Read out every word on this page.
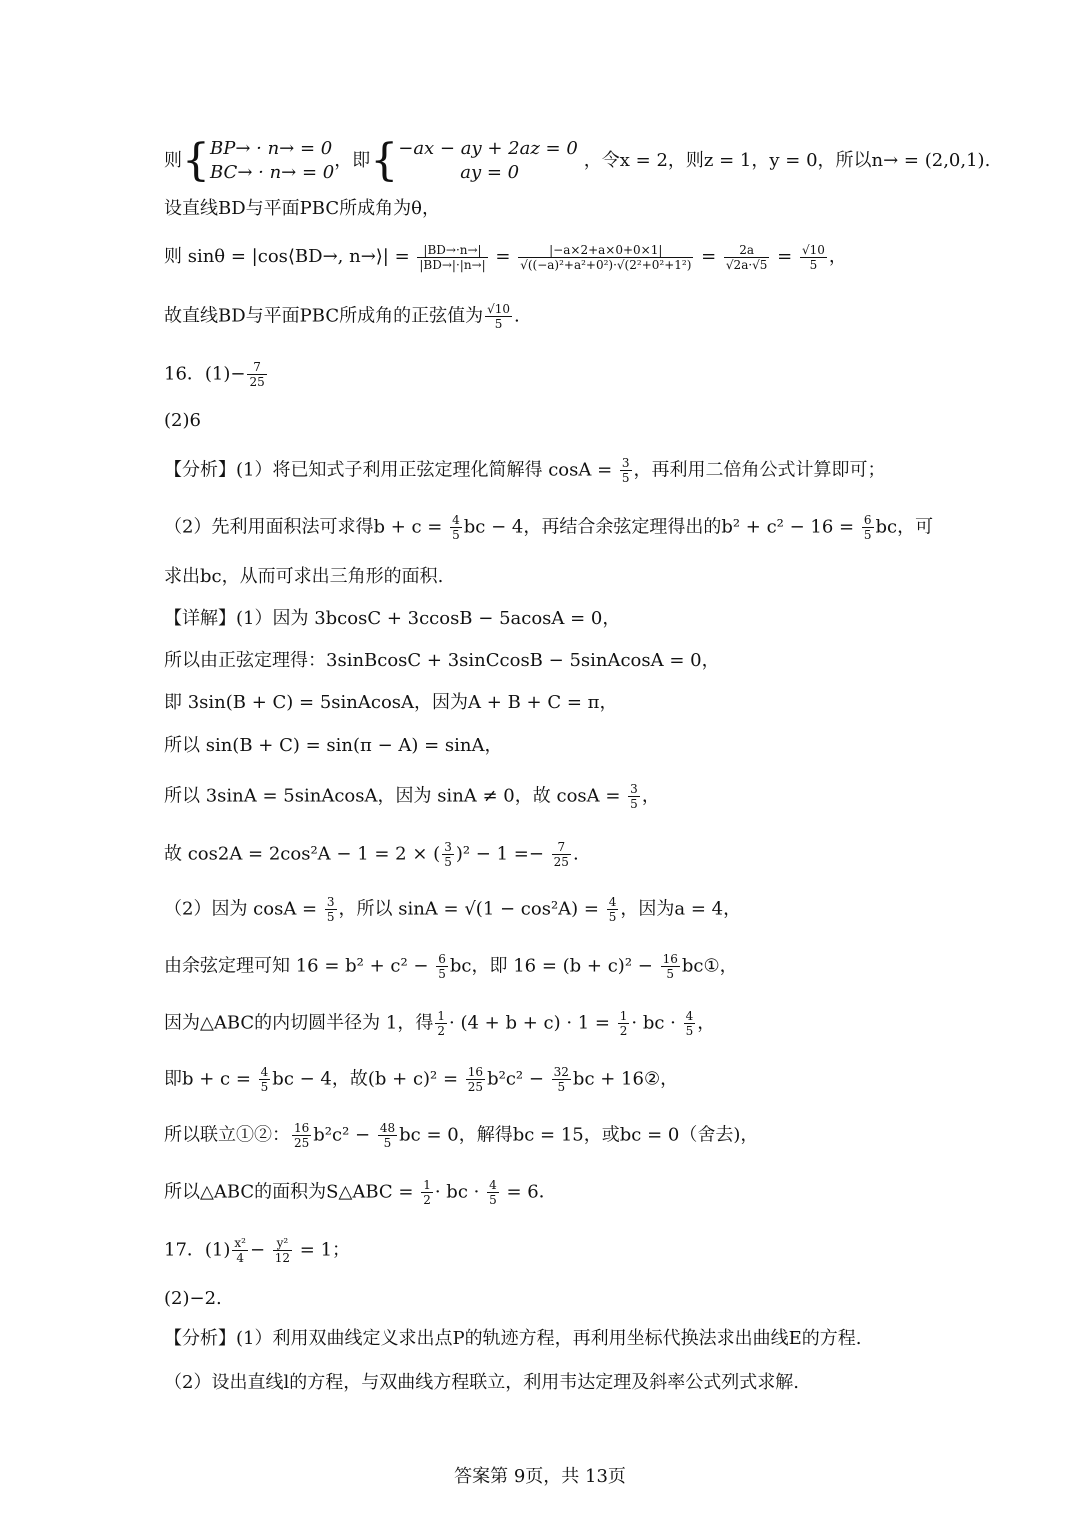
则{ BP→ · n→ = 0
BC→ · n→ = 0
，即{ −ax − ay + 2az = 0
ay = 0
，令x = 2，则z = 1，y = 0，所以n→ = (2,0,1).
设直线BD与平面PBC所成角为θ，
则 sinθ = |cos⟨BD→, n→⟩| = $\frac{|BD\to\cdot n\to|}{|BD\to|\cdot|n\to|} = \frac{|-a\times 2+a\times 0+0\times 1|}{\text{√((−a)²+a²+0²)·√(2²+0²+1²)}} = \frac{2a}{√2a\cdot√5} = \frac{√10}{5}$ ，
故直线BD与平面PBC所成角的正弦值为 $\frac{√10}{5}$ .
16．$(1)- \frac{7}{25}$
(2)6
【分析】(1）将已知式子利用正弦定理化简解得 $\cos A = \frac{3}{5}$ ，再利用二倍角公式计算即可；
（2）先利用面积法可求得$b + c = \frac{4}{5}$ bc − 4，再结合余弦定理得出的$b^2 + c^2 - 16 = \frac{6}{5}$ bc，可
求出bc，从而可求出三角形的面积.
【详解】(1）因为 3bcosC + 3ccosB − 5acosA = 0，
所以由正弦定理得：3sinBcosC + 3sinCcosB − 5sinAcosA = 0，
即 3sin(B + C) = 5sinAcosA，因为A + B + C = π，
所以 sin(B + C) = sin(π − A) = sinA，
所以 3sinA = 5sinAcosA，因为 sinA ≠ 0，故 $\cos A = \frac{3}{5}$ ，
故 cos2A = 2cos²A − 1 = 2 × ( $\frac{3}{5} )^2 - 1 =- \frac{7}{25}$ .
（2）因为 $\cos A = \frac{3}{5}$ ，所以 $\sin A = √(1 - \cos^2A) = \frac{4}{5}$ ，因为a = 4，
由余弦定理可知 $16 = b^2 + c^2 - \frac{6}{5}$ bc，即 $16 = (b + c)^2 - \frac{16}{5}$ bc①，
因为△ABC的内切圆半径为 1，得 $\frac{1}{2} \cdot (4 + b + c) \cdot 1 = \frac{1}{2}$ · bc · $\frac{4}{5}$ ，
即$b + c = \frac{4}{5}$ bc − 4，故$(b + c)^2 = \frac{16}{25} b^2c^2 - \frac{32}{5}$ bc + 16②，
所以联立①②： $\frac{16}{25} b^2c^2 - \frac{48}{5}$ bc = 0，解得bc = 15，或bc = 0（舍去)，
所以△ABC的面积为S△ABC = $\frac{1}{2}$ · bc · $\frac{4}{5} = 6$．
17．$(1) \frac{\text{x²}}{4} - \frac{\text{y²}}{12} = 1$；
(2)−2.
【分析】(1）利用双曲线定义求出点P的轨迹方程，再利用坐标代换法求出曲线E的方程.
（2）设出直线l的方程，与双曲线方程联立，利用韦达定理及斜率公式列式求解.
答案第 9页，共 13页
